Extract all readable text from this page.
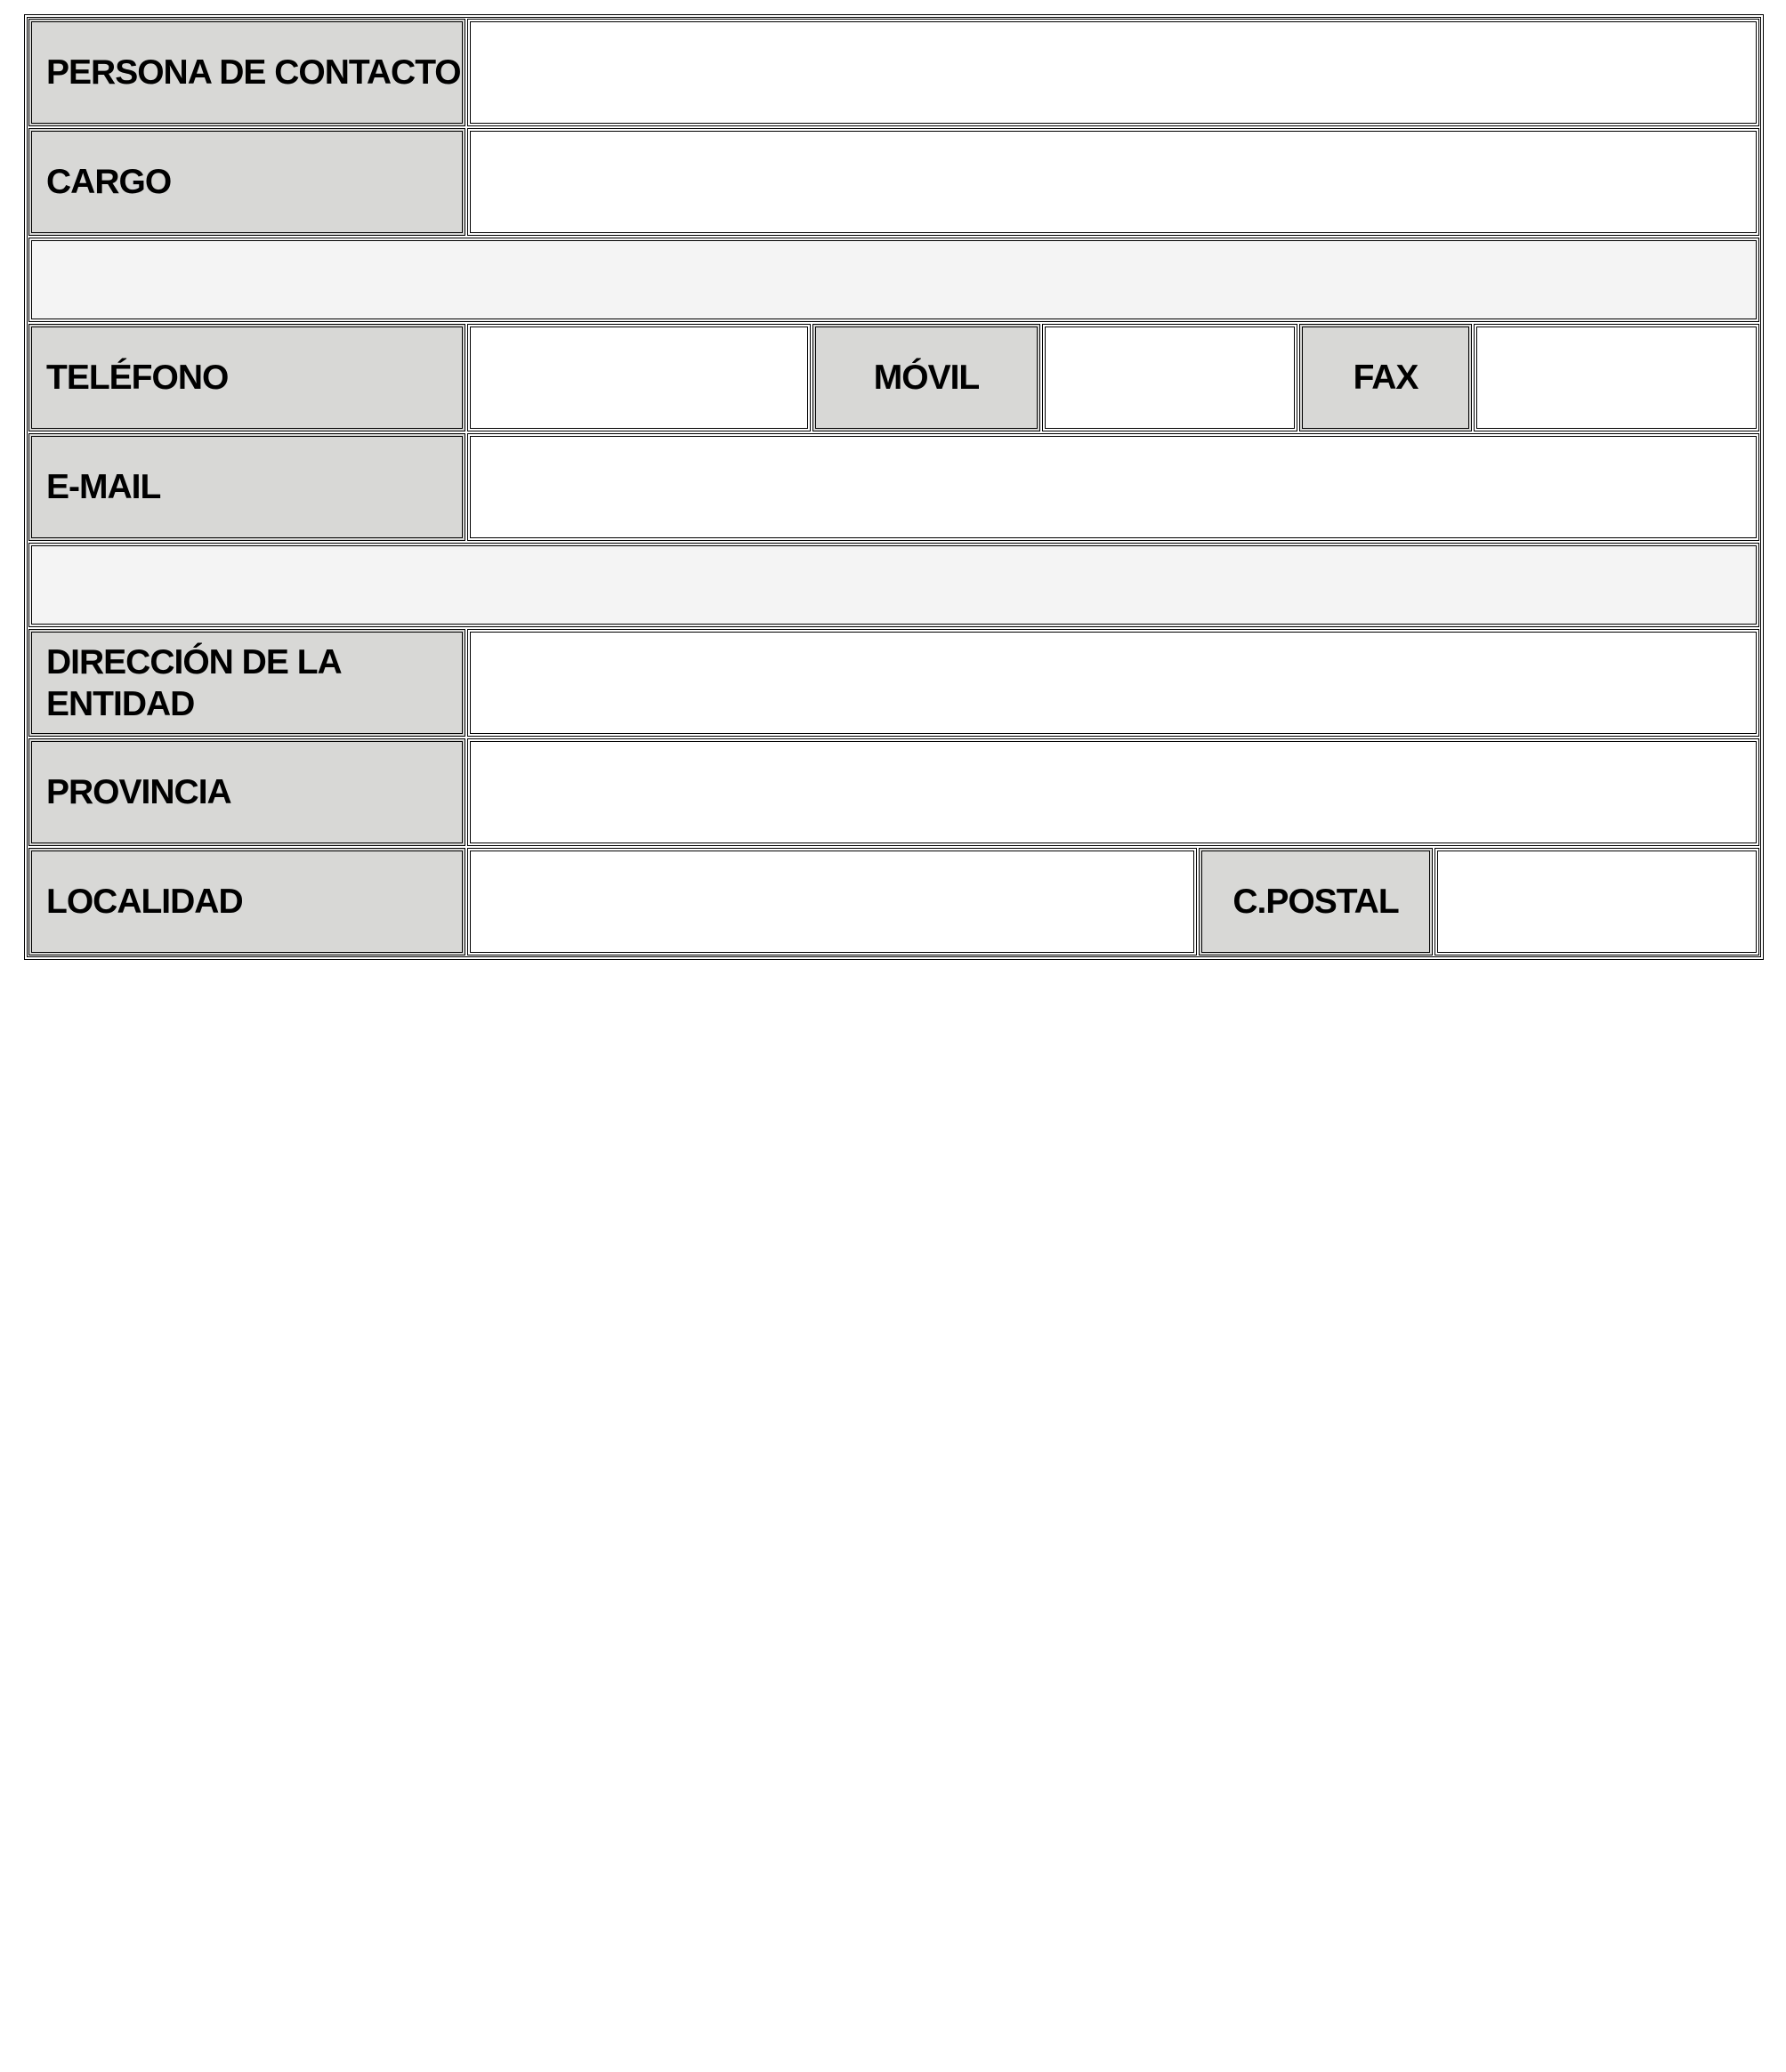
PERSONA DE CONTACTO
CARGO
TELÉFONO	MÓVIL	FAX
E-MAIL
DIRECCIÓN DE LA ENTIDAD
PROVINCIA
LOCALIDAD	C.POSTAL
